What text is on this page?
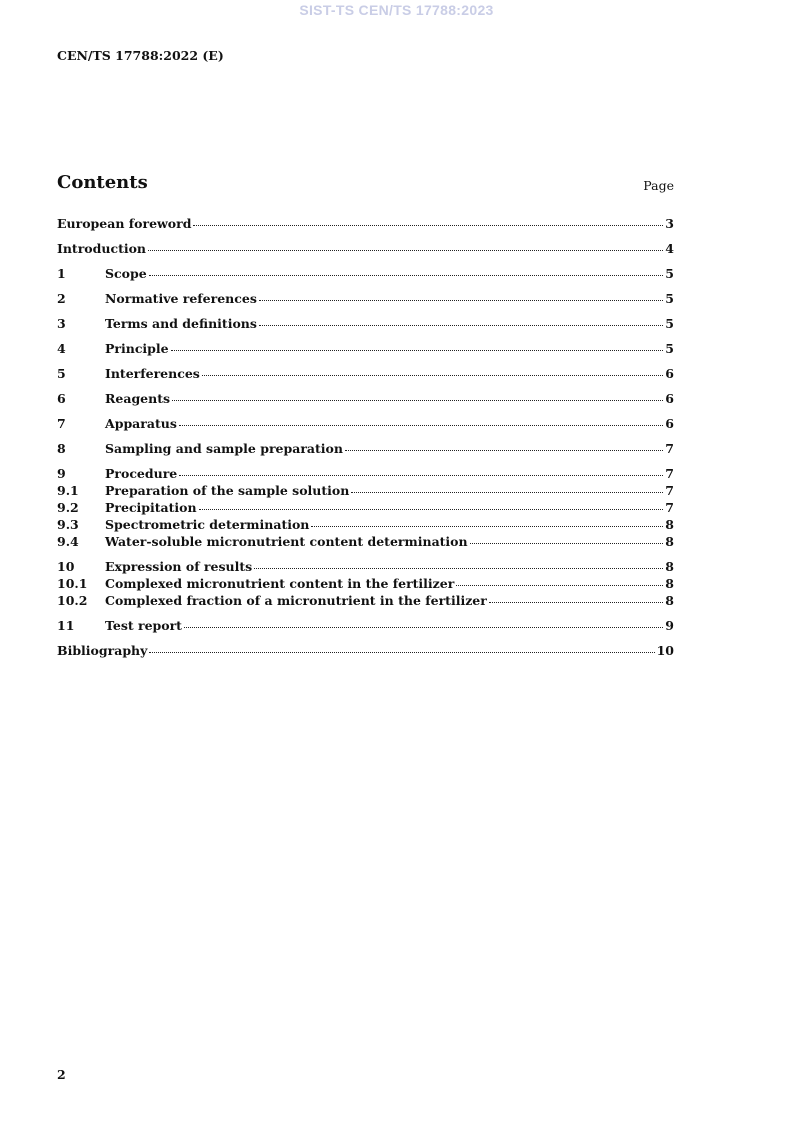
SIST-TS CEN/TS 17788:2023
CEN/TS 17788:2022 (E)
Contents	Page
European foreword	3
Introduction	4
1	Scope	5
2	Normative references	5
3	Terms and definitions	5
4	Principle	5
5	Interferences	6
6	Reagents	6
7	Apparatus	6
8	Sampling and sample preparation	7
9	Procedure	7
9.1	Preparation of the sample solution	7
9.2	Precipitation	7
9.3	Spectrometric determination	8
9.4	Water-soluble micronutrient content determination	8
10	Expression of results	8
10.1	Complexed micronutrient content in the fertilizer	8
10.2	Complexed fraction of a micronutrient in the fertilizer	8
11	Test report	9
Bibliography	10
2
